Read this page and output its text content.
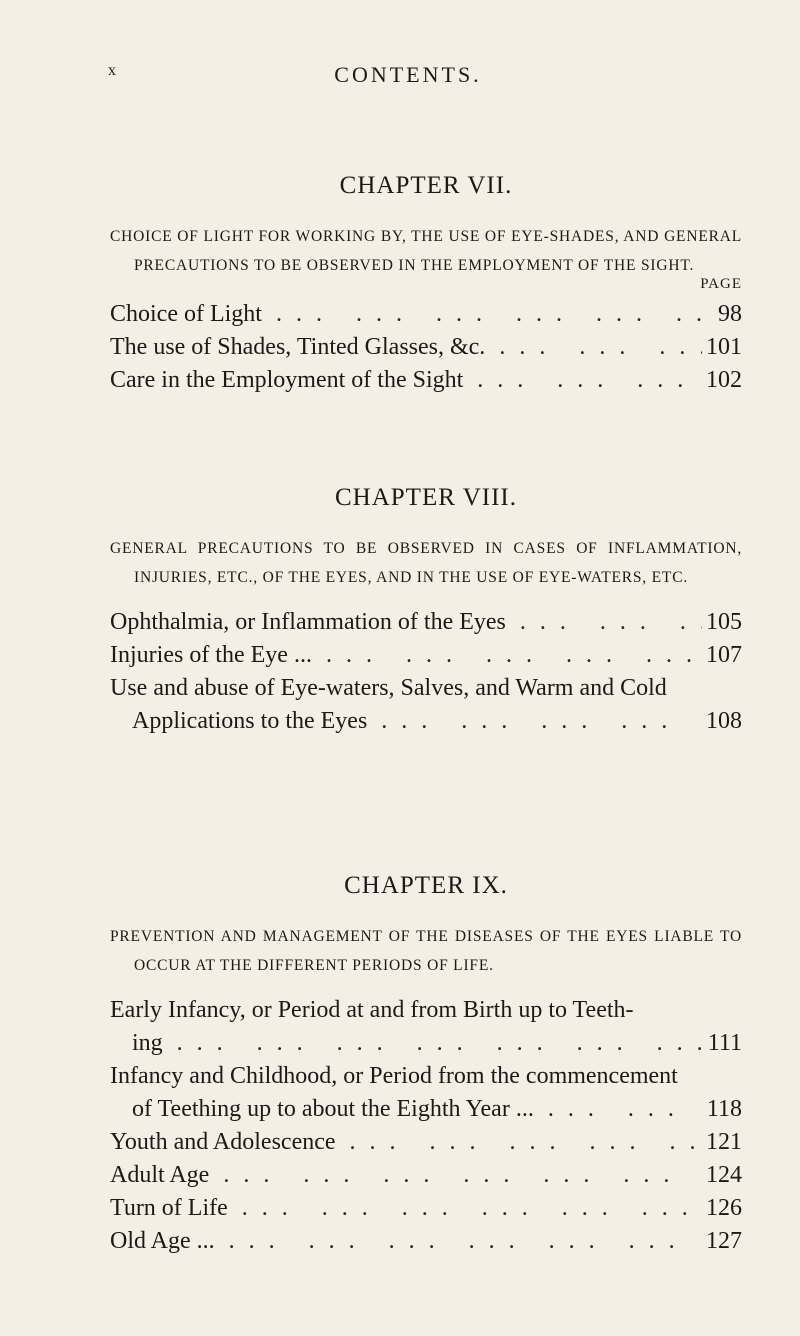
x	CONTENTS.
CHAPTER VII.

CHOICE OF LIGHT FOR WORKING BY, THE USE OF EYE-SHADES, AND GENERAL PRECAUTIONS TO BE OBSERVED IN THE EMPLOYMENT OF THE SIGHT.

PAGE
Choice of Light ... .	98
The use of Shades, Tinted Glasses, &c. ... .	101
Care in the Employment of the Sight ... .	102
CHAPTER VIII.

GENERAL PRECAUTIONS TO BE OBSERVED IN CASES OF INFLAMMATION, INJURIES, ETC., OF THE EYES, AND IN THE USE OF EYE-WATERS, ETC.

Ophthalmia, or Inflammation of the Eyes ... .	105
Injuries of the Eye ... ... .	107
Use and abuse of Eye-waters, Salves, and Warm and Cold
Applications to the Eyes ... .	108
CHAPTER IX.

PREVENTION AND MANAGEMENT OF THE DISEASES OF THE EYES LIABLE TO OCCUR AT THE DIFFERENT PERIODS OF LIFE.

Early Infancy, or Period at and from Birth up to Teeth-
ing ... .	111
Infancy and Childhood, or Period from the commencement
of Teething up to about the Eighth Year ... ... .	118
Youth and Adolescence ... .	121
Adult Age ... .	124
Turn of Life ... .	126
Old Age ... ... .	127
